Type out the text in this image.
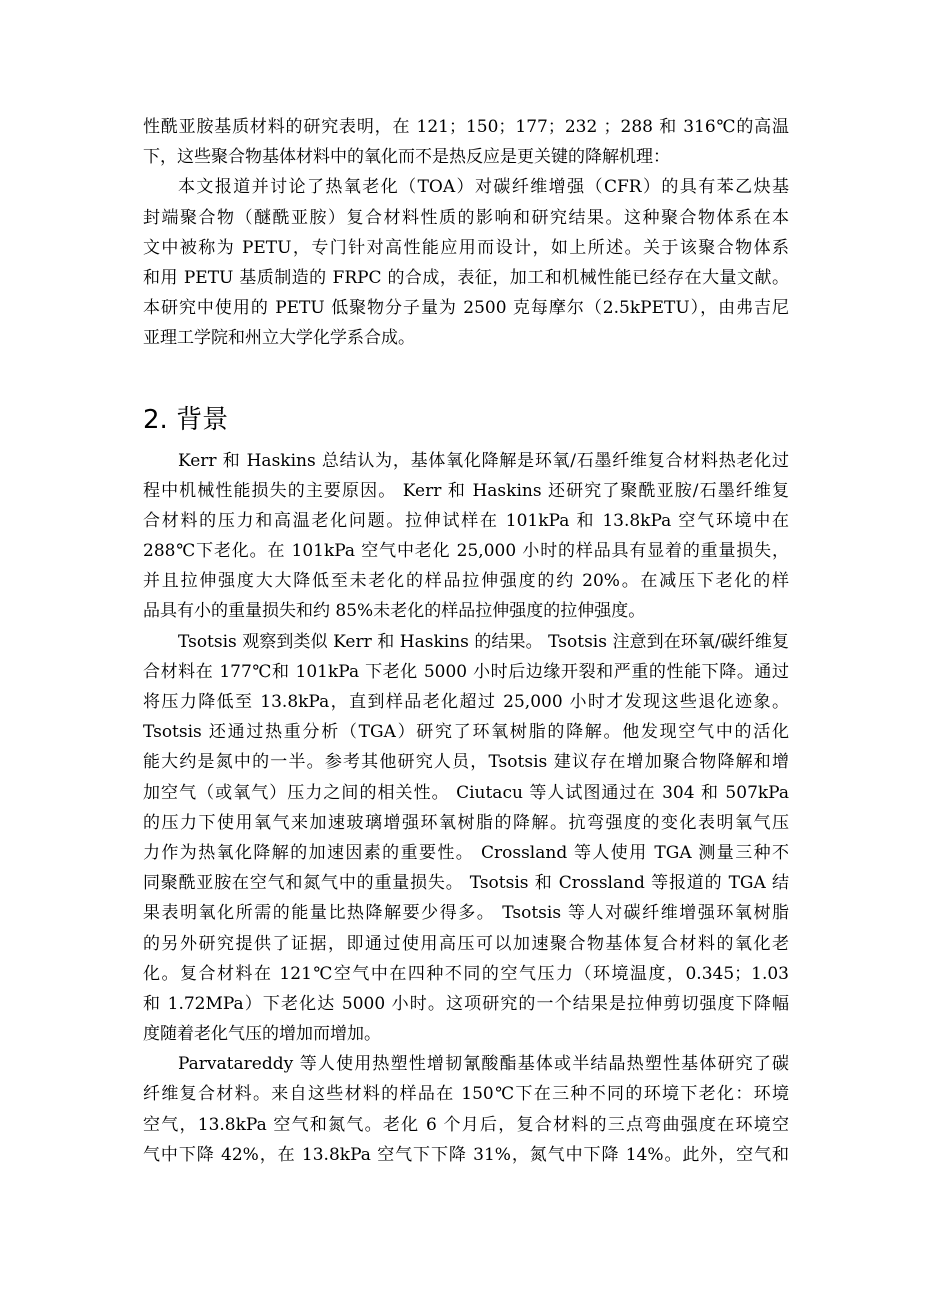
性酰亚胺基质材料的研究表明，在 121；150；177；232 ；288 和 316℃的高温
下，这些聚合物基体材料中的氧化而不是热反应是更关键的降解机理：
本文报道并讨论了热氧老化（TOA）对碳纤维增强（CFR）的具有苯乙炔基
封端聚合物（醚酰亚胺）复合材料性质的影响和研究结果。这种聚合物体系在本
文中被称为 PETU，专门针对高性能应用而设计，如上所述。关于该聚合物体系
和用 PETU 基质制造的 FRPC 的合成，表征，加工和机械性能已经存在大量文献。
本研究中使用的 PETU 低聚物分子量为 2500 克每摩尔（2.5kPETU），由弗吉尼
亚理工学院和州立大学化学系合成。
2. 背景
Kerr 和 Haskins 总结认为，基体氧化降解是环氧/石墨纤维复合材料热老化过
程中机械性能损失的主要原因。 Kerr 和 Haskins 还研究了聚酰亚胺/石墨纤维复
合材料的压力和高温老化问题。拉伸试样在 101kPa 和 13.8kPa 空气环境中在
288℃下老化。在 101kPa 空气中老化 25,000 小时的样品具有显着的重量损失，
并且拉伸强度大大降低至未老化的样品拉伸强度的约 20%。在减压下老化的样
品具有小的重量损失和约 85%未老化的样品拉伸强度的拉伸强度。
Tsotsis 观察到类似 Kerr 和 Haskins 的结果。 Tsotsis 注意到在环氧/碳纤维复
合材料在 177℃和 101kPa 下老化 5000 小时后边缘开裂和严重的性能下降。通过
将压力降低至 13.8kPa，直到样品老化超过 25,000 小时才发现这些退化迹象。
Tsotsis 还通过热重分析（TGA）研究了环氧树脂的降解。他发现空气中的活化
能大约是氮中的一半。参考其他研究人员，Tsotsis 建议存在增加聚合物降解和增
加空气（或氧气）压力之间的相关性。 Ciutacu 等人试图通过在 304 和 507kPa
的压力下使用氧气来加速玻璃增强环氧树脂的降解。抗弯强度的变化表明氧气压
力作为热氧化降解的加速因素的重要性。 Crossland 等人使用 TGA 测量三种不
同聚酰亚胺在空气和氮气中的重量损失。 Tsotsis 和 Crossland 等报道的 TGA 结
果表明氧化所需的能量比热降解要少得多。 Tsotsis 等人对碳纤维增强环氧树脂
的另外研究提供了证据，即通过使用高压可以加速聚合物基体复合材料的氧化老
化。复合材料在 121℃空气中在四种不同的空气压力（环境温度，0.345；1.03
和 1.72MPa）下老化达 5000 小时。这项研究的一个结果是拉伸剪切强度下降幅
度随着老化气压的增加而增加。
Parvatareddy 等人使用热塑性增韧氰酸酯基体或半结晶热塑性基体研究了碳
纤维复合材料。来自这些材料的样品在 150℃下在三种不同的环境下老化：环境
空气，13.8kPa 空气和氮气。老化 6 个月后，复合材料的三点弯曲强度在环境空
气中下降 42%，在 13.8kPa 空气下下降 31%，氮气中下降 14%。此外，空气和
